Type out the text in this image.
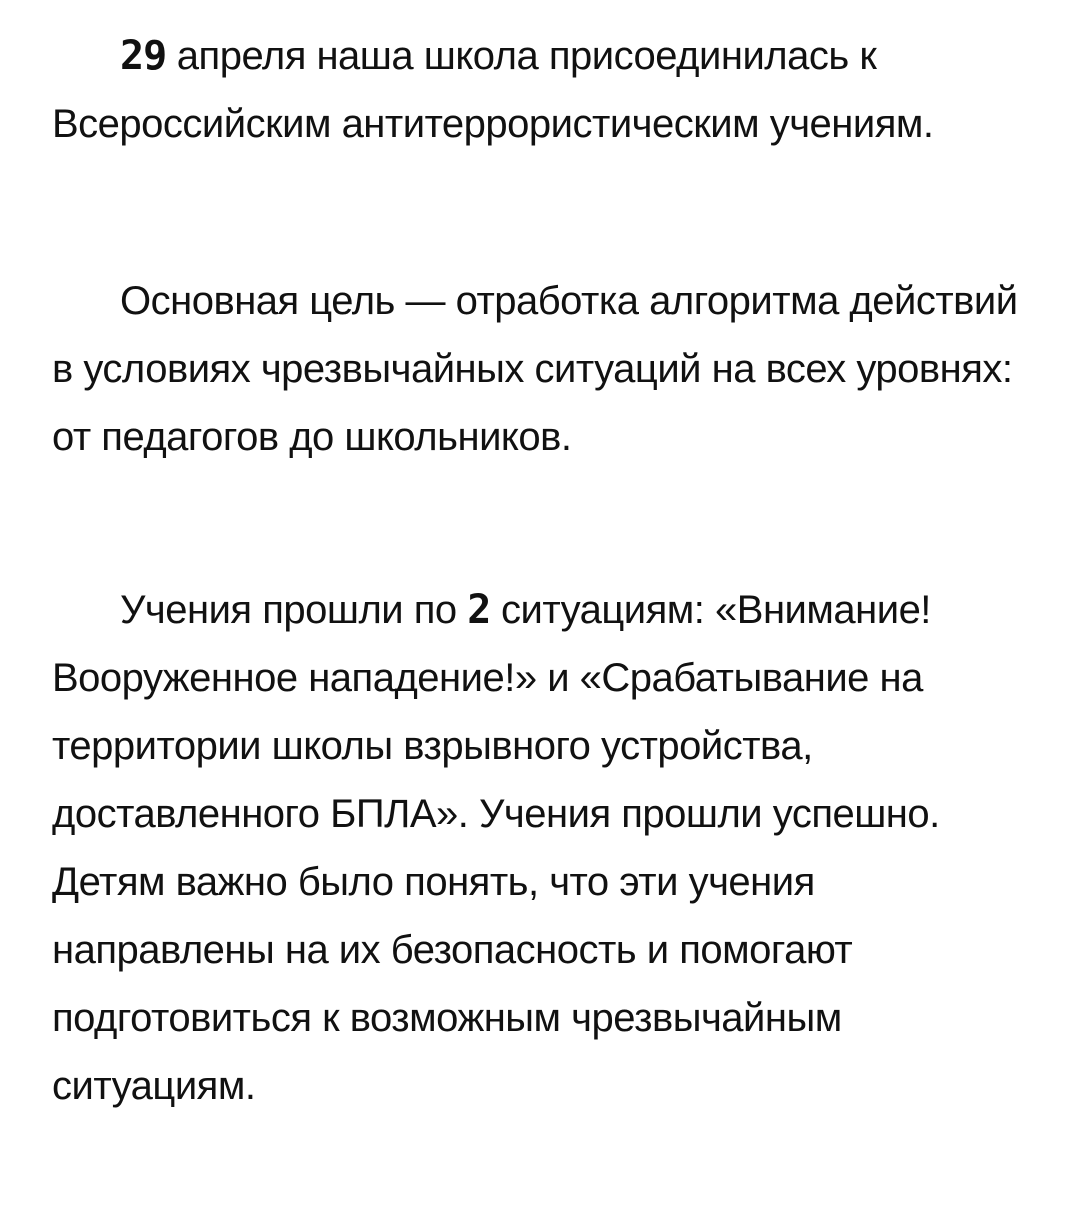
29 апреля наша школа присоединилась к Всероссийским антитеррористическим учениям.

Основная цель — отработка алгоритма действий в условиях чрезвычайных ситуаций на всех уровнях: от педагогов до школьников.

Учения прошли по 2 ситуациям: «Внимание! Вооруженное нападение!» и «Срабатывание на территории школы взрывного устройства, доставленного БПЛА». Учения прошли успешно. Детям важно было понять, что эти учения направлены на их безопасность и помогают подготовиться к возможным чрезвычайным ситуациям.
